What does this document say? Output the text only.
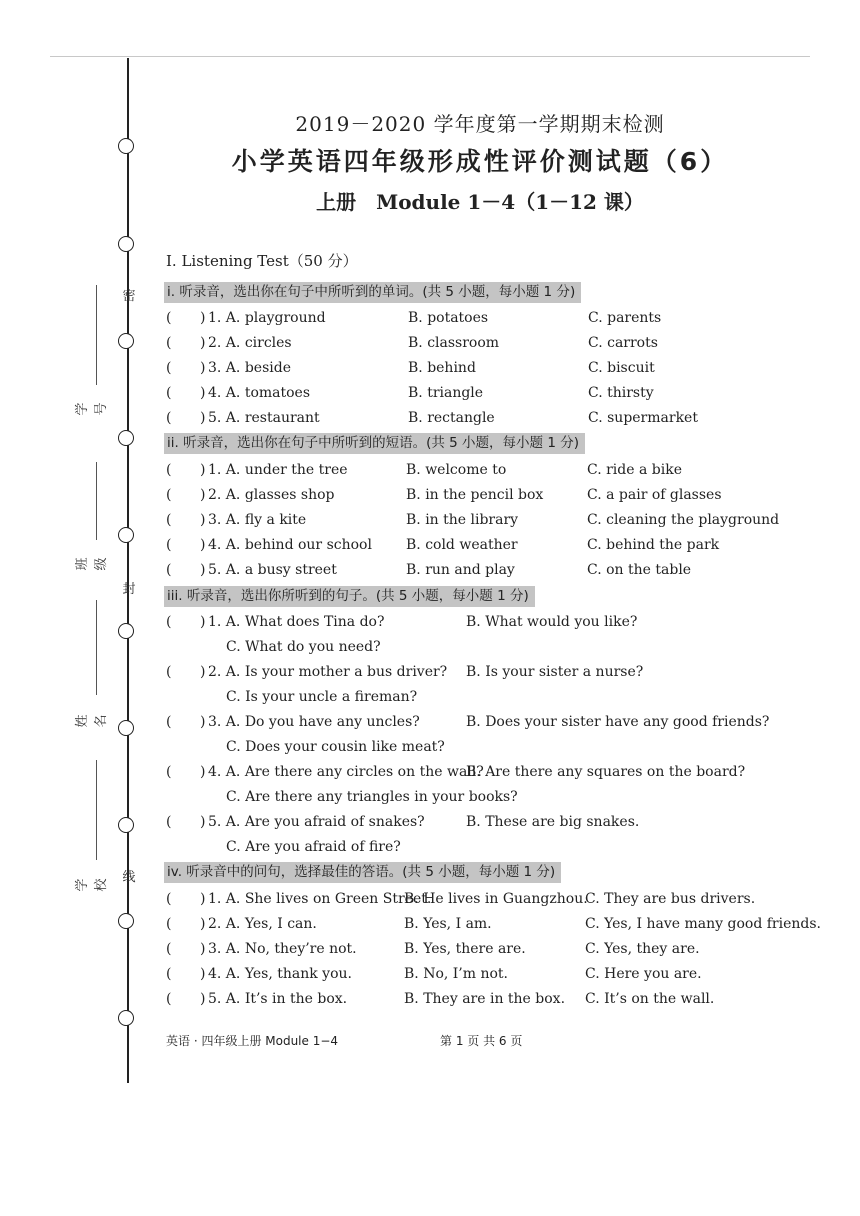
密
封
线
学号
班级
姓名
学校
2019－2020 学年度第一学期期末检测
小学英语四年级形成性评价测试题（6）
上册　Module 1－4（1－12 课）
I. Listening Test（50 分）
i. 听录音，选出你在句子中所听到的单词。(共 5 小题，每小题 1 分)
( ) 1. A. playground	B. potatoes	C. parents
( ) 2. A. circles	B. classroom	C. carrots
( ) 3. A. beside	B. behind	C. biscuit
( ) 4. A. tomatoes	B. triangle	C. thirsty
( ) 5. A. restaurant	B. rectangle	C. supermarket
ii. 听录音，选出你在句子中所听到的短语。(共 5 小题，每小题 1 分)
( ) 1. A. under the tree	B. welcome to	C. ride a bike
( ) 2. A. glasses shop	B. in the pencil box	C. a pair of glasses
( ) 3. A. fly a kite	B. in the library	C. cleaning the playground
( ) 4. A. behind our school B. cold weather	C. behind the park
( ) 5. A. a busy street	B. run and play	C. on the table
iii. 听录音，选出你所听到的句子。(共 5 小题，每小题 1 分)
( ) 1. A. What does Tina do?	B. What would you like?
C. What do you need?
( ) 2. A. Is your mother a bus driver? B. Is your sister a nurse?
C. Is your uncle a fireman?
( ) 3. A. Do you have any uncles?	B. Does your sister have any good friends?
C. Does your cousin like meat?
( ) 4. A. Are there any circles on the wall?
B. Are there any squares on the board?
C. Are there any triangles in your books?
( ) 5. A. Are you afraid of snakes?	B. These are big snakes.
C. Are you afraid of fire?
iv. 听录音中的问句，选择最佳的答语。(共 5 小题，每小题 1 分)
( ) 1. A. She lives on Green Street.
B. He lives in Guangzhou.
C. They are bus drivers.
( ) 2. A. Yes, I can.	B. Yes, I am.	C. Yes, I have many good friends.
( ) 3. A. No, they’re not.	B. Yes, there are.	C. Yes, they are.
( ) 4. A. Yes, thank you.	B. No, I’m not.	C. Here you are.
( ) 5. A. It’s in the box.	B. They are in the box. C. It’s on the wall.
英语 · 四年级上册 Module 1−4	第 1 页 共 6 页
